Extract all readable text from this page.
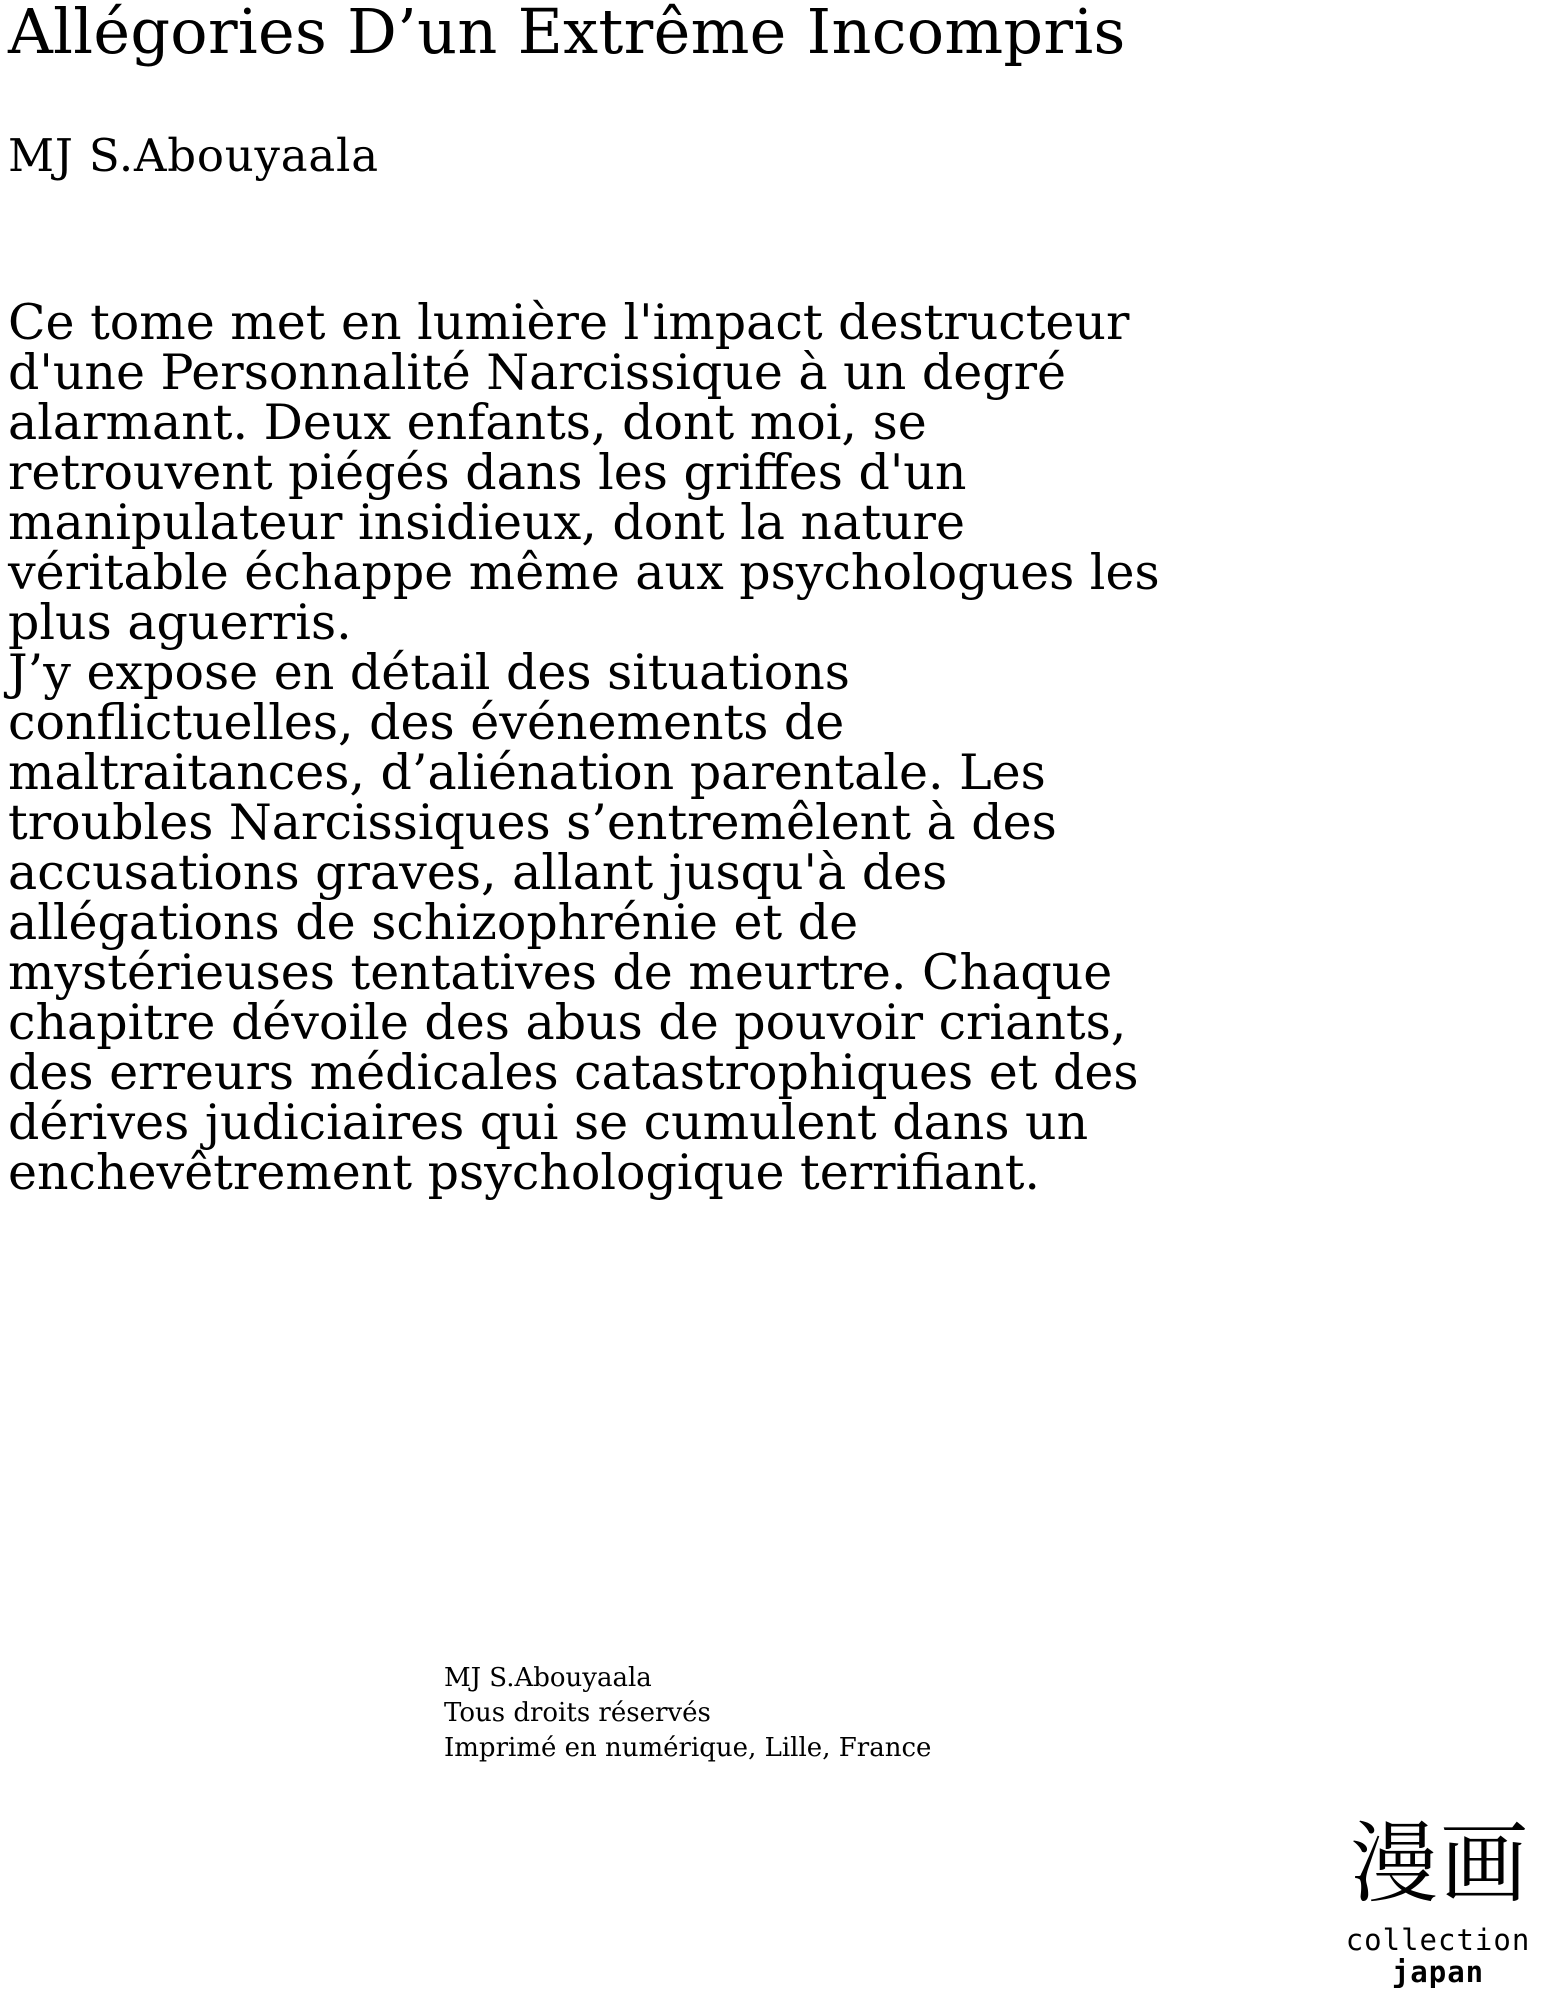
Allégories D’un Extrême Incompris
MJ S.Abouyaala

Ce tome met en lumière l'impact destructeur
d'une Personnalité Narcissique à un degré
alarmant. Deux enfants, dont moi, se
retrouvent piégés dans les griffes d'un
manipulateur insidieux, dont la nature
véritable échappe même aux psychologues les
plus aguerris.

J’y expose en détail des situations
conflictuelles, des événements de
maltraitances, d’aliénation parentale. Les
troubles Narcissiques s’entremêlent à des
accusations graves, allant jusqu'à des
allégations de schizophrénie et de
mystérieuses tentatives de meurtre. Chaque
chapitre dévoile des abus de pouvoir criants,
des erreurs médicales catastrophiques et des
dérives judiciaires qui se cumulent dans un
enchevêtrement psychologique terrifiant.

MJ S.Abouyaala
Tous droits réservés
Imprimé en numérique, Lille, France
漫画
collection
japan
